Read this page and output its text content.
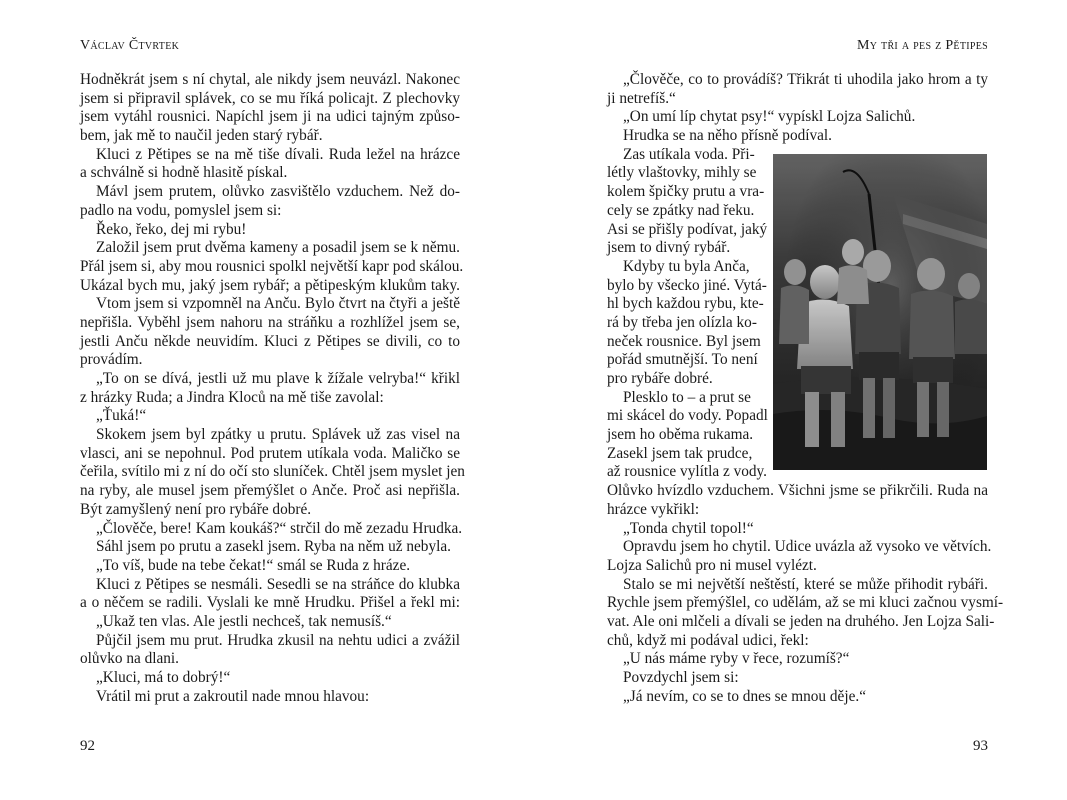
Václav Čtvrtek
Hodněkrát jsem s ní chytal, ale nikdy jsem neuvázl. Nakonec
jsem si připravil splávek, co se mu říká policajt. Z plechovky
jsem vytáhl rousnici. Napíchl jsem ji na udici tajným způso-
bem, jak mě to naučil jeden starý rybář.
Kluci z Pětipes se na mě tiše dívali. Ruda ležel na hrázce
a schválně si hodně hlasitě pískal.
Mávl jsem prutem, olůvko zasvištělo vzduchem. Než do-
padlo na vodu, pomyslel jsem si:
Řeko, řeko, dej mi rybu!
Založil jsem prut dvěma kameny a posadil jsem se k němu.
Přál jsem si, aby mou rousnici spolkl největší kapr pod skálou.
Ukázal bych mu, jaký jsem rybář; a pětipeským klukům taky.
Vtom jsem si vzpomněl na Anču. Bylo čtvrt na čtyři a ještě
nepřišla. Vyběhl jsem nahoru na stráňku a rozhlížel jsem se,
jestli Anču někde neuvidím. Kluci z Pětipes se divili, co to
provádím.
„To on se dívá, jestli už mu plave k žížale velryba!“ křikl
z hrázky Ruda; a Jindra Kloců na mě tiše zavolal:
„Ťuká!“
Skokem jsem byl zpátky u prutu. Splávek už zas visel na
vlasci, ani se nepohnul. Pod prutem utíkala voda. Maličko se
čeřila, svítilo mi z ní do očí sto sluníček. Chtěl jsem myslet jen
na ryby, ale musel jsem přemýšlet o Anče. Proč asi nepřišla.
Být zamyšlený není pro rybáře dobré.
„Člověče, bere! Kam koukáš?“ strčil do mě zezadu Hrudka.
Sáhl jsem po prutu a zasekl jsem. Ryba na něm už nebyla.
„To víš, bude na tebe čekat!“ smál se Ruda z hráze.
Kluci z Pětipes se nesmáli. Sesedli se na stráňce do klubka
a o něčem se radili. Vyslali ke mně Hrudku. Přišel a řekl mi:
„Ukaž ten vlas. Ale jestli nechceš, tak nemusíš.“
Půjčil jsem mu prut. Hrudka zkusil na nehtu udici a zvážil
olůvko na dlani.
„Kluci, má to dobrý!“
Vrátil mi prut a zakroutil nade mnou hlavou:
92
My tři a pes z Pětipes
„Člověče, co to provádíš? Třikrát ti uhodila jako hrom a ty
ji netrefíš.“
„On umí líp chytat psy!“ vypískl Lojza Salichů.
Hrudka se na něho přísně podíval.
Zas utíkala voda. Při-
létly vlaštovky, mihly se
kolem špičky prutu a vra-
cely se zpátky nad řeku.
Asi se přišly podívat, jaký
jsem to divný rybář.
Kdyby tu byla Anča,
bylo by všecko jiné. Vytá-
hl bych každou rybu, kte-
rá by třeba jen olízla ko-
neček rousnice. Byl jsem
pořád smutnější. To není
pro rybáře dobré.
Plesklo to – a prut se
mi skácel do vody. Popadl
jsem ho oběma rukama.
Zasekl jsem tak prudce,
až rousnice vylítla z vody.
Olůvko hvízdlo vzduchem. Všichni jsme se přikrčili. Ruda na
hrázce vykřikl:
„Tonda chytil topol!“
Opravdu jsem ho chytil. Udice uvázla až vysoko ve větvích.
Lojza Salichů pro ni musel vylézt.
Stalo se mi největší neštěstí, které se může přihodit rybáři.
Rychle jsem přemýšlel, co udělám, až se mi kluci začnou vysmí-
vat. Ale oni mlčeli a dívali se jeden na druhého. Jen Lojza Sali-
chů, když mi podával udici, řekl:
„U nás máme ryby v řece, rozumíš?“
Povzdychl jsem si:
„Já nevím, co se to dnes se mnou děje.“
93
